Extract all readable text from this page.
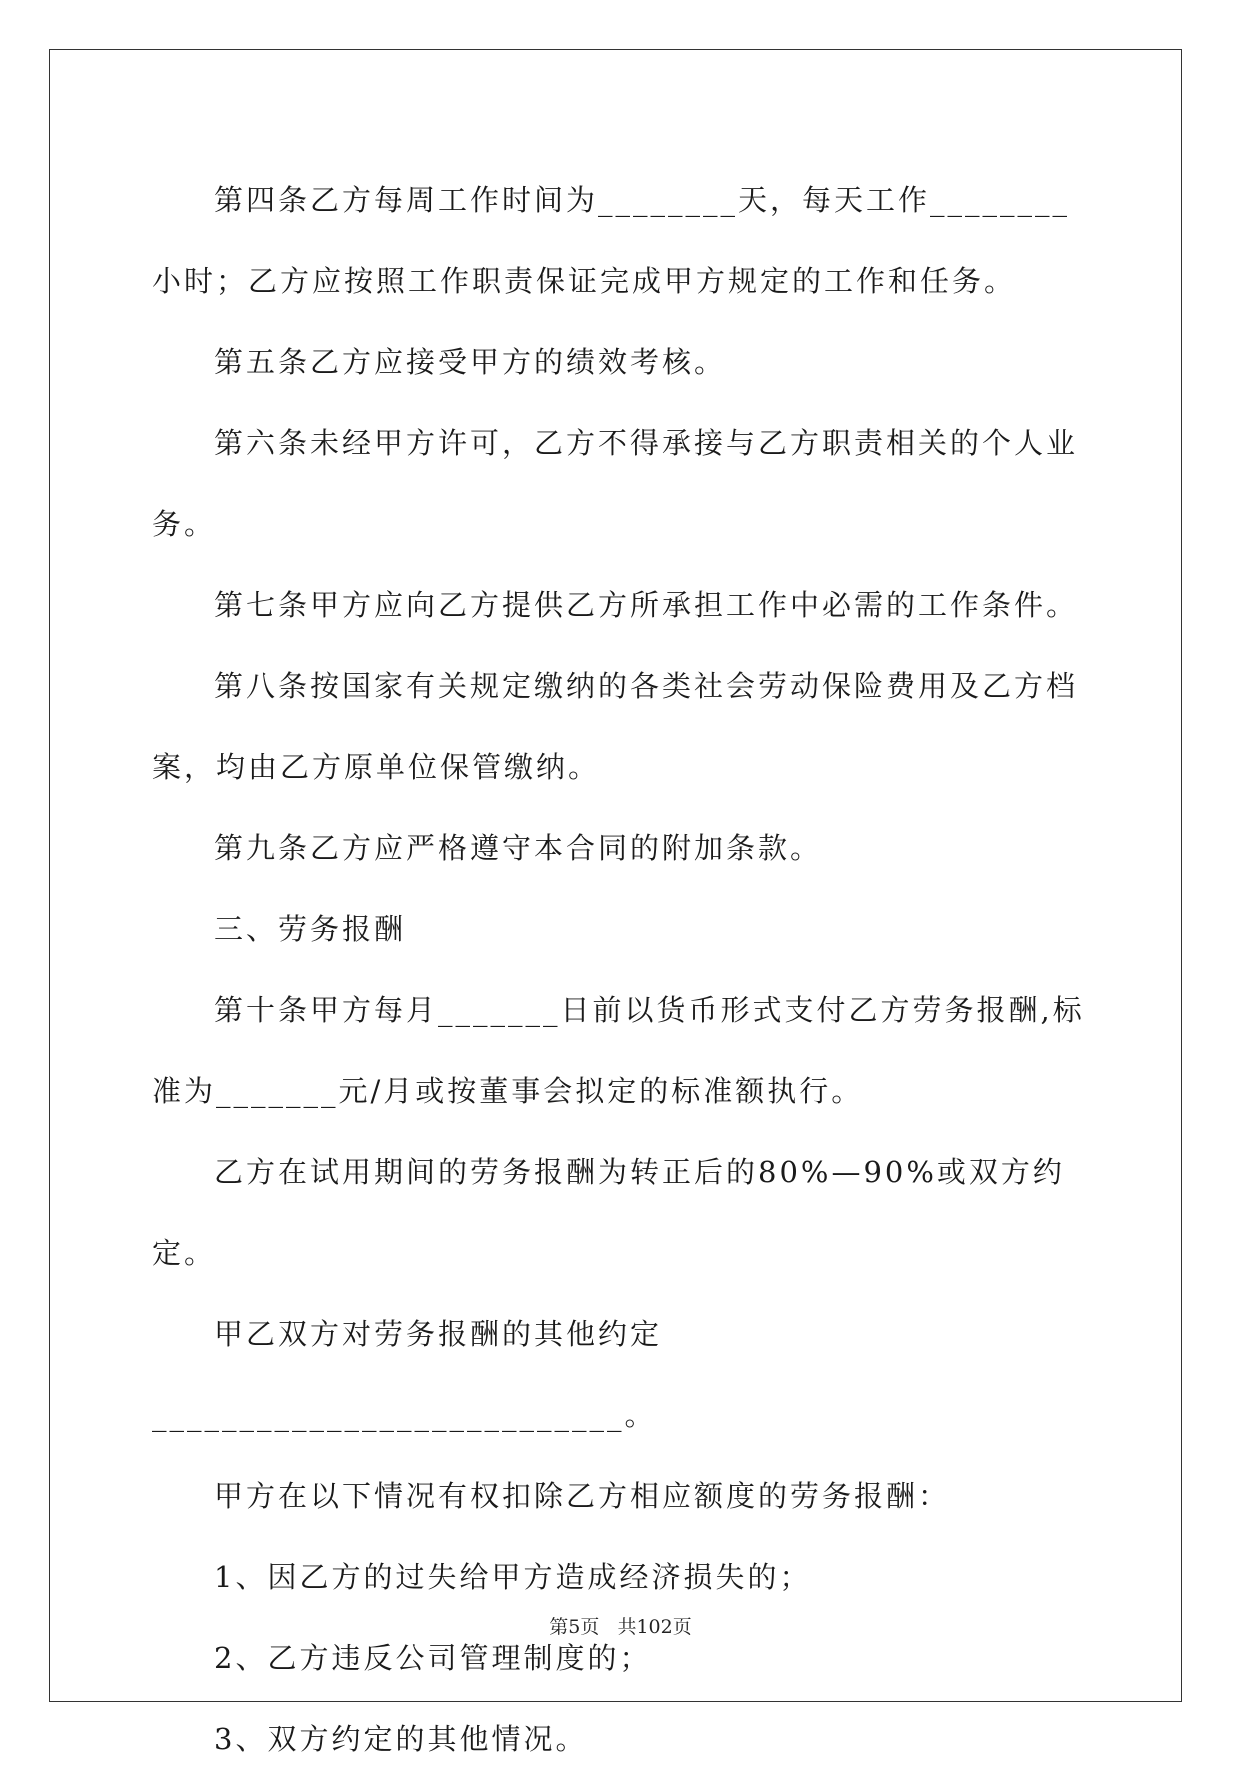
第四条乙方每周工作时间为________天，每天工作________小时；乙方应按照工作职责保证完成甲方规定的工作和任务。

第五条乙方应接受甲方的绩效考核。

第六条未经甲方许可，乙方不得承接与乙方职责相关的个人业务。

第七条甲方应向乙方提供乙方所承担工作中必需的工作条件。

第八条按国家有关规定缴纳的各类社会劳动保险费用及乙方档案，均由乙方原单位保管缴纳。

第九条乙方应严格遵守本合同的附加条款。

三、劳务报酬

第十条甲方每月_______日前以货币形式支付乙方劳务报酬,标准为_______元/月或按董事会拟定的标准额执行。

乙方在试用期间的劳务报酬为转正后的80%—90%或双方约定。

甲乙双方对劳务报酬的其他约定___________________________。

甲方在以下情况有权扣除乙方相应额度的劳务报酬：

1、因乙方的过失给甲方造成经济损失的；

2、乙方违反公司管理制度的；

3、双方约定的其他情况。

第5页 共102页
